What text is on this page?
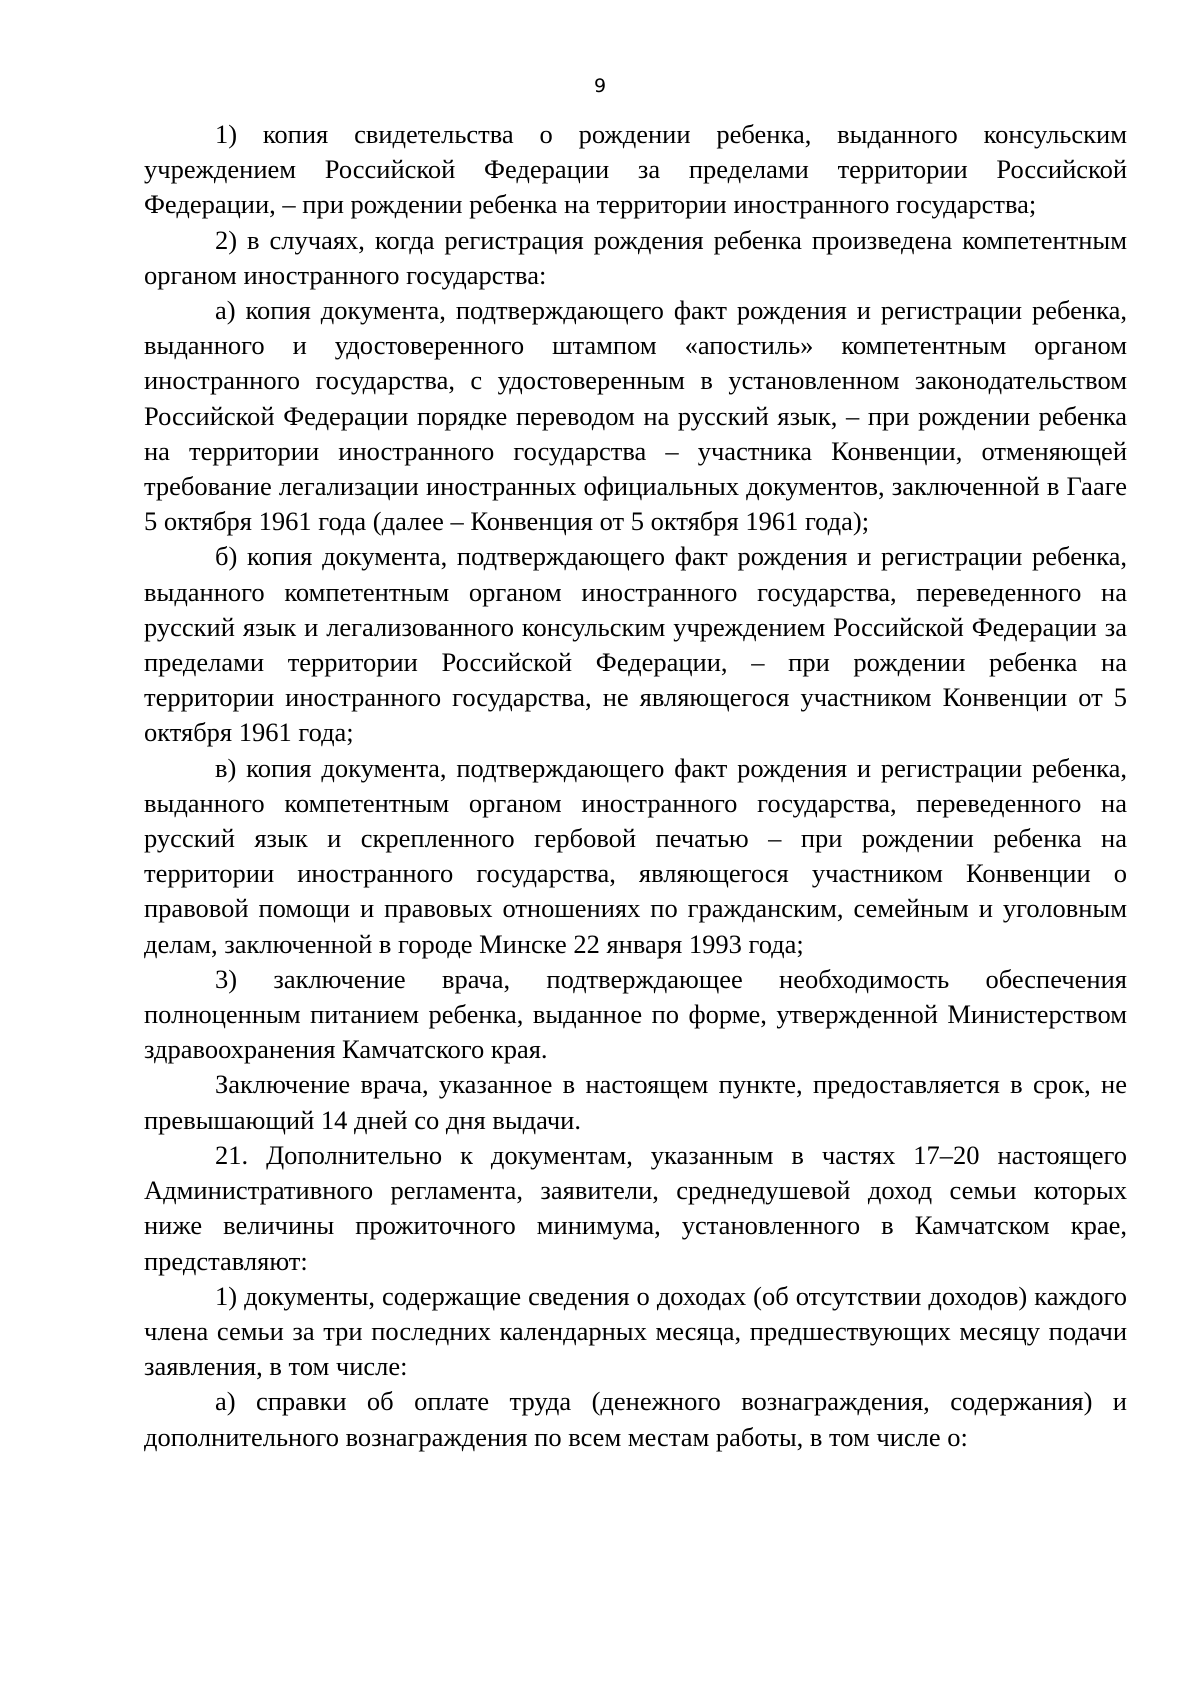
9

1) копия свидетельства о рождении ребенка, выданного консульским учреждением Российской Федерации за пределами территории Российской Федерации, – при рождении ребенка на территории иностранного государства;

2) в случаях, когда регистрация рождения ребенка произведена компетентным органом иностранного государства:

а) копия документа, подтверждающего факт рождения и регистрации ребенка, выданного и удостоверенного штампом «апостиль» компетентным органом иностранного государства, с удостоверенным в установленном законодательством Российской Федерации порядке переводом на русский язык, – при рождении ребенка на территории иностранного государства – участника Конвенции, отменяющей требование легализации иностранных официальных документов, заключенной в Гааге 5 октября 1961 года (далее – Конвенция от 5 октября 1961 года);

б) копия документа, подтверждающего факт рождения и регистрации ребенка, выданного компетентным органом иностранного государства, переведенного на русский язык и легализованного консульским учреждением Российской Федерации за пределами территории Российской Федерации, – при рождении ребенка на территории иностранного государства, не являющегося участником Конвенции от 5 октября 1961 года;

в) копия документа, подтверждающего факт рождения и регистрации ребенка, выданного компетентным органом иностранного государства, переведенного на русский язык и скрепленного гербовой печатью – при рождении ребенка на территории иностранного государства, являющегося участником Конвенции о правовой помощи и правовых отношениях по гражданским, семейным и уголовным делам, заключенной в городе Минске 22 января 1993 года;

3) заключение врача, подтверждающее необходимость обеспечения полноценным питанием ребенка, выданное по форме, утвержденной Министерством здравоохранения Камчатского края.

Заключение врача, указанное в настоящем пункте, предоставляется в срок, не превышающий 14 дней со дня выдачи.

21. Дополнительно к документам, указанным в частях 17–20 настоящего Административного регламента, заявители, среднедушевой доход семьи которых ниже величины прожиточного минимума, установленного в Камчатском крае, представляют:

1) документы, содержащие сведения о доходах (об отсутствии доходов) каждого члена семьи за три последних календарных месяца, предшествующих месяцу подачи заявления, в том числе:

а) справки об оплате труда (денежного вознаграждения, содержания) и дополнительного вознаграждения по всем местам работы, в том числе о:
